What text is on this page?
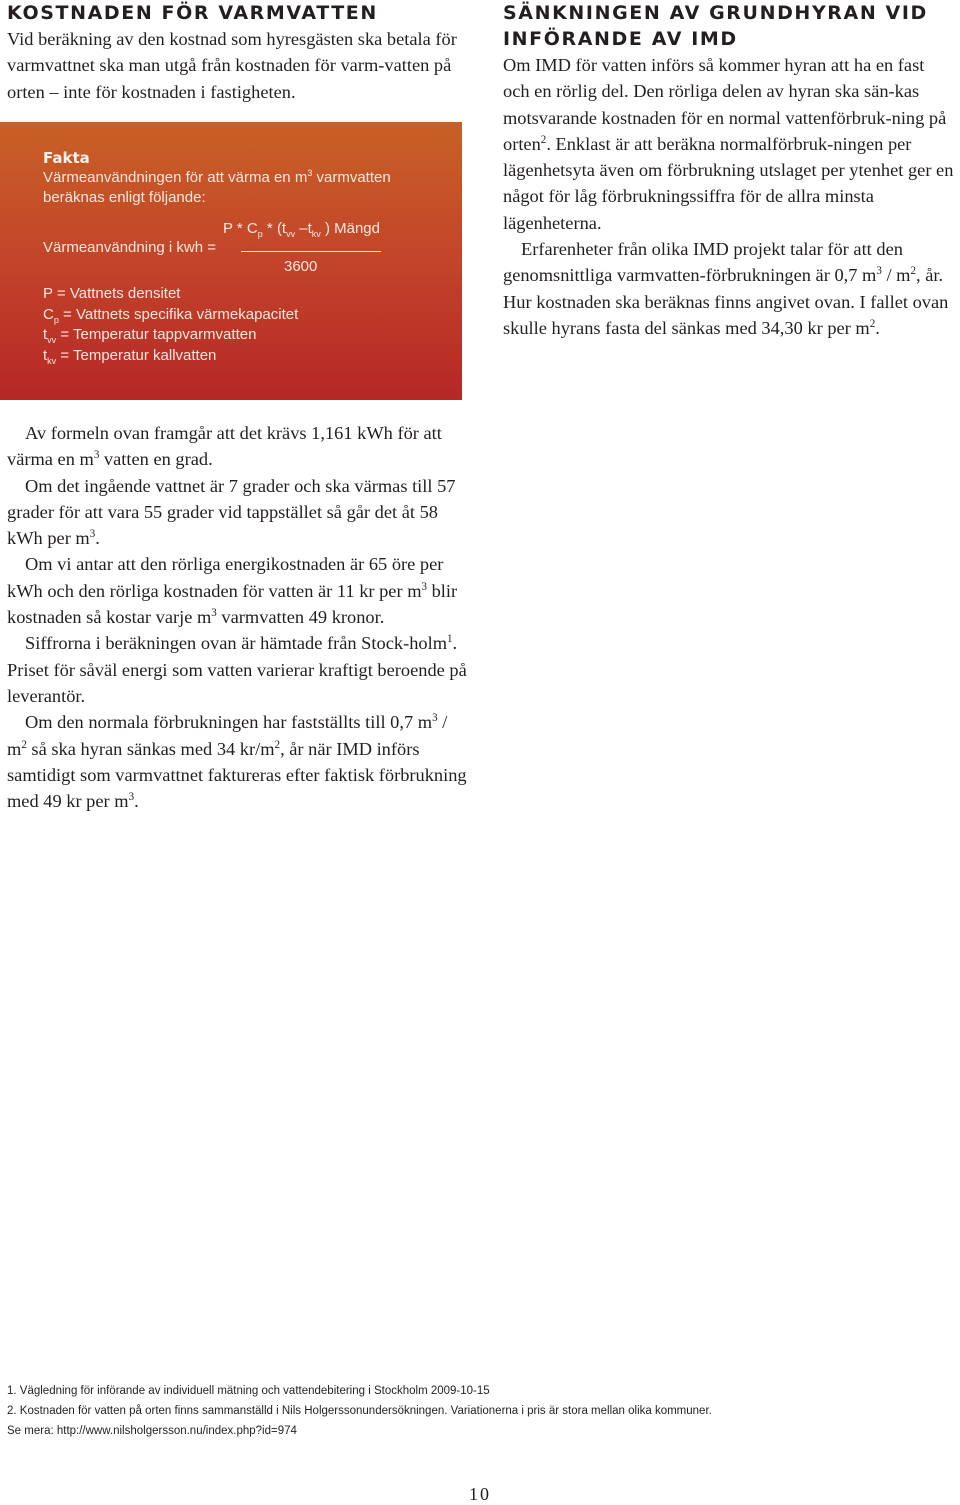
KOSTNADEN FÖR VARMVATTEN

Vid beräkning av den kostnad som hyresgästen ska betala för varmvattnet ska man utgå från kostnaden för varm-vatten på orten – inte för kostnaden i fastigheten.

Fakta
Värmeanvändningen för att värma en $m^3$ varmvatten beräknas enligt följande:
P * $C_p * (t_{vv}$ $-t_{kv}$ ) Mängd
Värmeanvändning i kwh =
3600
P = Vattnets densitet
$C_p$ = Vattnets specifika värmekapacitet
$t_{vv}$ = Temperatur tappvarmvatten
$t_{kv}$ = Temperatur kallvatten
SÄNKNINGEN AV GRUNDHYRAN VID INFÖRANDE AV IMD

Om IMD för vatten införs så kommer hyran att ha en fast och en rörlig del. Den rörliga delen av hyran ska sän-kas motsvarande kostnaden för en normal vattenförbruk-ning på orten$^2$. Enklast är att beräkna normalförbruk-ningen per lägenhetsyta även om förbrukning utslaget per ytenhet ger en något för låg förbrukningssiffra för de allra minsta lägenheterna.

Erfarenheter från olika IMD projekt talar för att den genomsnittliga varmvatten-förbrukningen är 0,7 $m^3 / m^2$, år. Hur kostnaden ska beräknas finns angivet ovan. I fallet ovan skulle hyrans fasta del sänkas med 34,30 kr per $m^2$.

Av formeln ovan framgår att det krävs 1,161 kWh för att värma en $m^3$ vatten en grad.

Om det ingående vattnet är 7 grader och ska värmas till 57 grader för att vara 55 grader vid tappstället så går det åt 58 kWh per $m^3$.

Om vi antar att den rörliga energikostnaden är 65 öre per kWh och den rörliga kostnaden för vatten är 11 kr per $m^3$ blir kostnaden så kostar varje $m^3$ varmvatten 49 kronor.

Siffrorna i beräkningen ovan är hämtade från Stock-holm$^1$. Priset för såväl energi som vatten varierar kraftigt beroende på leverantör.

Om den normala förbrukningen har fastställts till 0,7 $m^3 / m^2$ så ska hyran sänkas med 34 $kr/m^2$, år när IMD införs samtidigt som varmvattnet faktureras efter faktisk förbrukning med 49 kr per $m^3$.

1. Vägledning för införande av individuell mätning och vattendebitering i Stockholm 2009-10-15
2. Kostnaden för vatten på orten finns sammanställd i Nils Holgerssonundersökningen. Variationerna i pris är stora mellan olika kommuner.
Se mera: http://www.nilsholgersson.nu/index.php?id=974
10
